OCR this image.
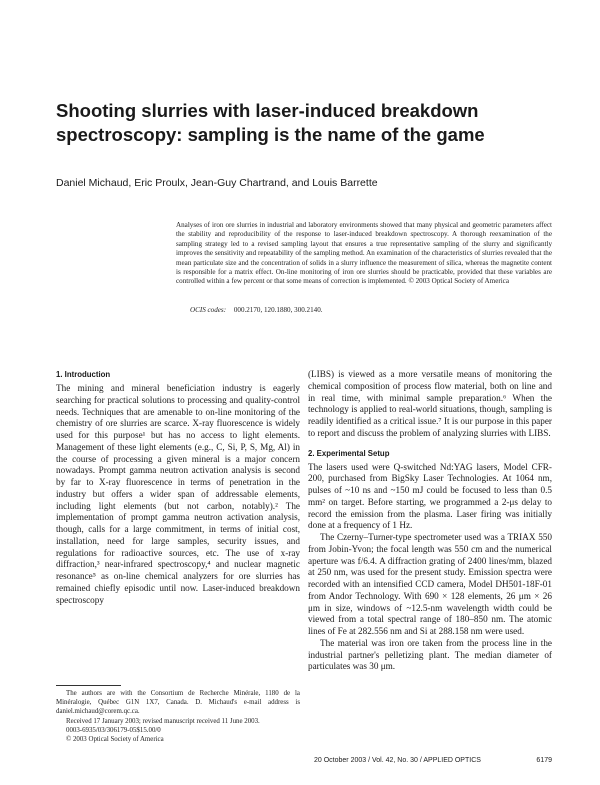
Shooting slurries with laser-induced breakdown
spectroscopy: sampling is the name of the game
Daniel Michaud, Eric Proulx, Jean-Guy Chartrand, and Louis Barrette
Analyses of iron ore slurries in industrial and laboratory environments showed that many physical and geometric parameters affect the stability and reproducibility of the response to laser-induced breakdown spectroscopy. A thorough reexamination of the sampling strategy led to a revised sampling layout that ensures a true representative sampling of the slurry and significantly improves the sensitivity and repeatability of the sampling method. An examination of the characteristics of slurries revealed that the mean particulate size and the concentration of solids in a slurry influence the measurement of silica, whereas the magnetite content is responsible for a matrix effect. On-line monitoring of iron ore slurries should be practicable, provided that these variables are controlled within a few percent or that some means of correction is implemented. © 2003 Optical Society of America
OCIS codes: 000.2170, 120.1880, 300.2140.
1. Introduction

The mining and mineral beneficiation industry is eagerly searching for practical solutions to processing and quality-control needs. Techniques that are amenable to on-line monitoring of the chemistry of ore slurries are scarce. X-ray fluorescence is widely used for this purpose¹ but has no access to light elements. Management of these light elements (e.g., C, Si, P, S, Mg, Al) in the course of processing a given mineral is a major concern nowadays. Prompt gamma neutron activation analysis is second by far to X-ray fluorescence in terms of penetration in the industry but offers a wider span of addressable elements, including light elements (but not carbon, notably).² The implementation of prompt gamma neutron activation analysis, though, calls for a large commitment, in terms of initial cost, installation, need for large samples, security issues, and regulations for radioactive sources, etc. The use of x-ray diffraction,³ near-infrared spectroscopy,⁴ and nuclear magnetic resonance⁵ as on-line chemical analyzers for ore slurries has remained chiefly episodic until now. Laser-induced breakdown spectroscopy

(LIBS) is viewed as a more versatile means of monitoring the chemical composition of process flow material, both on line and in real time, with minimal sample preparation.⁶ When the technology is applied to real-world situations, though, sampling is readily identified as a critical issue.⁷ It is our purpose in this paper to report and discuss the problem of analyzing slurries with LIBS.

2. Experimental Setup

The lasers used were Q-switched Nd:YAG lasers, Model CFR-200, purchased from BigSky Laser Technologies. At 1064 nm, pulses of ~10 ns and ~150 mJ could be focused to less than 0.5 mm² on target. Before starting, we programmed a 2-μs delay to record the emission from the plasma. Laser firing was initially done at a frequency of 1 Hz.

The Czerny–Turner-type spectrometer used was a TRIAX 550 from Jobin-Yvon; the focal length was 550 cm and the numerical aperture was f/6.4. A diffraction grating of 2400 lines/mm, blazed at 250 nm, was used for the present study. Emission spectra were recorded with an intensified CCD camera, Model DH501-18F-01 from Andor Technology. With 690 × 128 elements, 26 μm × 26 μm in size, windows of ~12.5-nm wavelength width could be viewed from a total spectral range of 180–850 nm. The atomic lines of Fe at 282.556 nm and Si at 288.158 nm were used.

The material was iron ore taken from the process line in the industrial partner's pelletizing plant. The median diameter of particulates was 30 μm.

The authors are with the Consortium de Recherche Minérale, 1180 de la Minéralogie, Québec G1N 1X7, Canada. D. Michaud's e-mail address is daniel.michaud@corem.qc.ca.

Received 17 January 2003; revised manuscript received 11 June 2003.

0003-6935/03/306179-05$15.00/0

© 2003 Optical Society of America

20 October 2003 / Vol. 42, No. 30 / APPLIED OPTICS	6179
